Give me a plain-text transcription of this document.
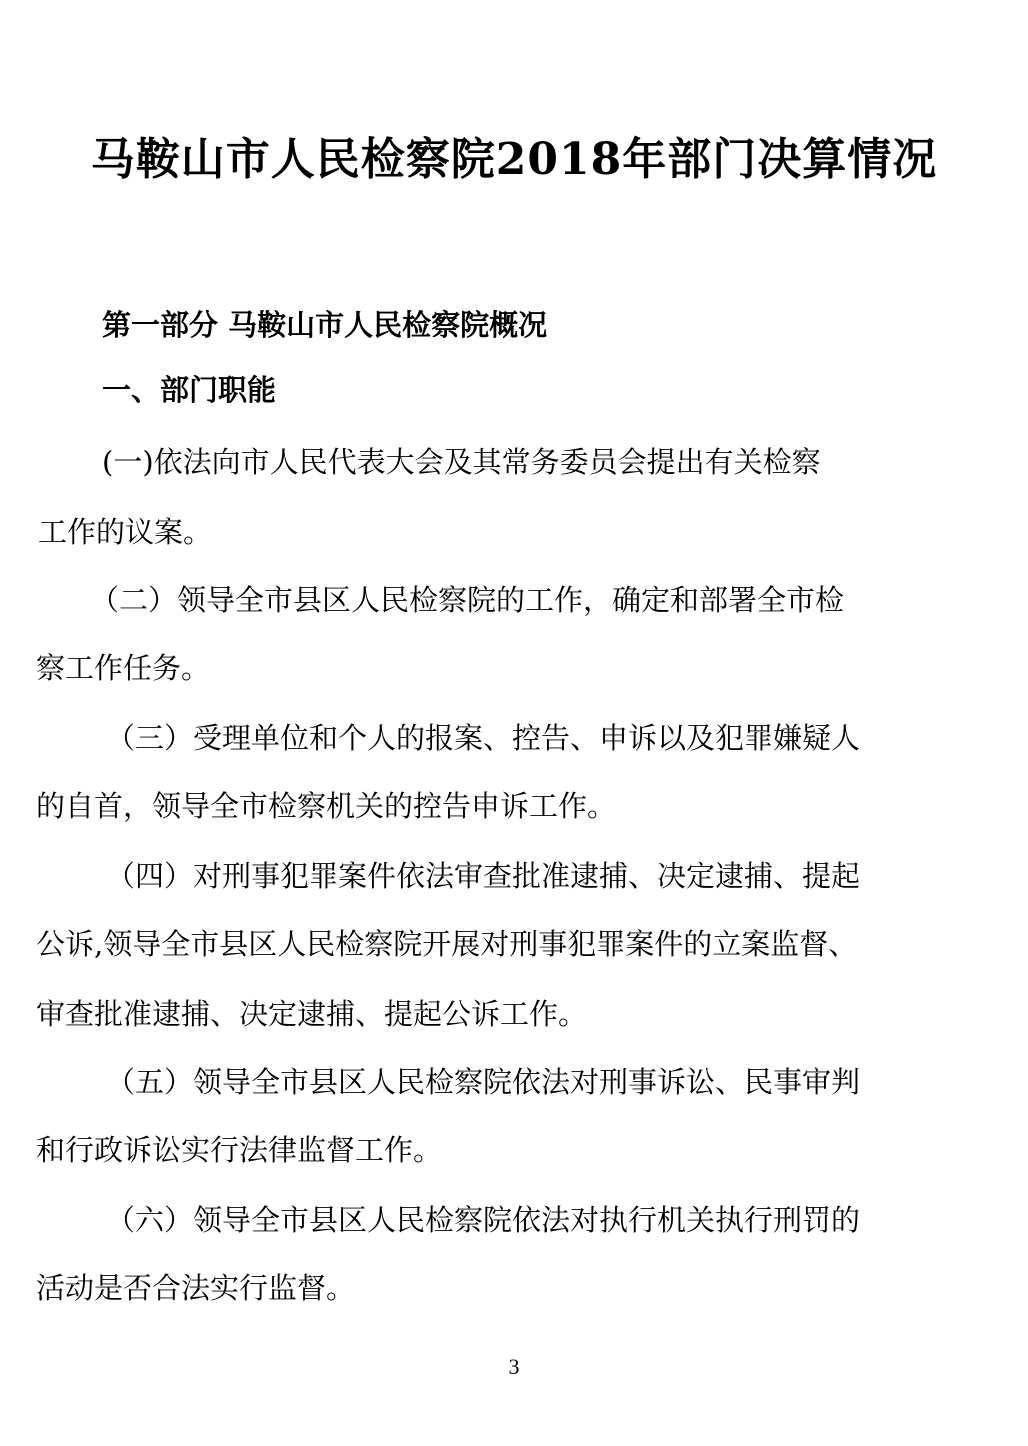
马鞍山市人民检察院2018年部门决算情况
第一部分 马鞍山市人民检察院概况
一、部门职能
(一)依法向市人民代表大会及其常务委员会提出有关检察
工作的议案。
（二）领导全市县区人民检察院的工作，确定和部署全市检
察工作任务。
（三）受理单位和个人的报案、控告、申诉以及犯罪嫌疑人
的自首，领导全市检察机关的控告申诉工作。
（四）对刑事犯罪案件依法审查批准逮捕、决定逮捕、提起
公诉,领导全市县区人民检察院开展对刑事犯罪案件的立案监督、
审查批准逮捕、决定逮捕、提起公诉工作。
（五）领导全市县区人民检察院依法对刑事诉讼、民事审判
和行政诉讼实行法律监督工作。
（六）领导全市县区人民检察院依法对执行机关执行刑罚的
活动是否合法实行监督。
3
